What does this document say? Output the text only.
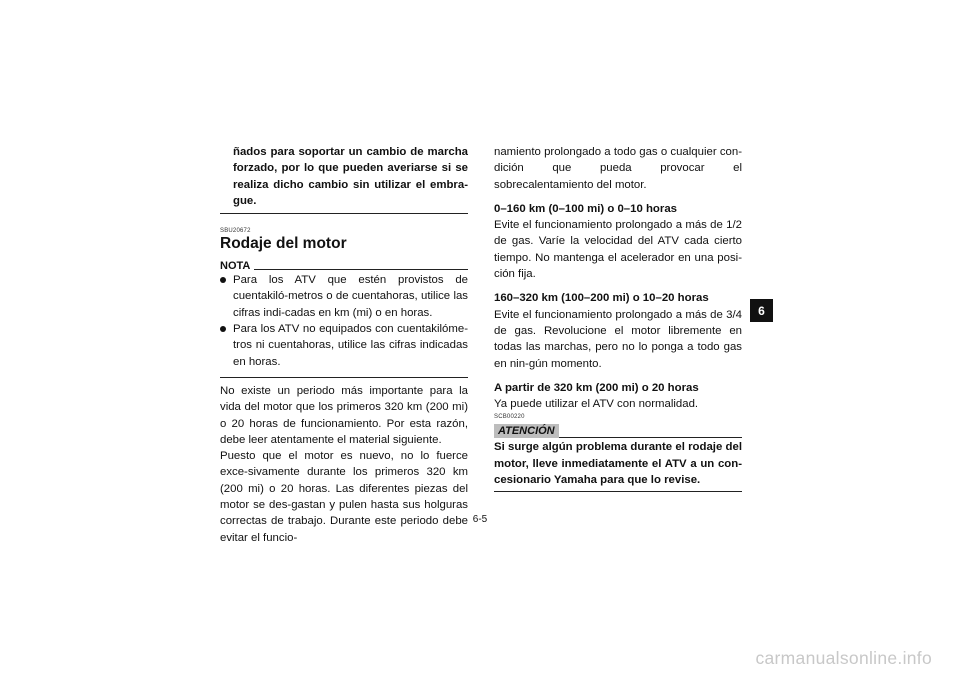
ñados para soportar un cambio de marcha forzado, por lo que pueden averiarse si se realiza dicho cambio sin utilizar el embra-gue.
SBU20672
Rodaje del motor
NOTA
Para los ATV que estén provistos de cuentakiló-metros o de cuentahoras, utilice las cifras indi-cadas en km (mi) o en horas.
Para los ATV no equipados con cuentakilóme-tros ni cuentahoras, utilice las cifras indicadas en horas.
No existe un periodo más importante para la vida del motor que los primeros 320 km (200 mi) o 20 horas de funcionamiento. Por esta razón, debe leer atentamente el material siguiente.
Puesto que el motor es nuevo, no lo fuerce exce-sivamente durante los primeros 320 km (200 mi) o 20 horas. Las diferentes piezas del motor se des-gastan y pulen hasta sus holguras correctas de trabajo. Durante este periodo debe evitar el funcio-
namiento prolongado a todo gas o cualquier con-dición que pueda provocar el sobrecalentamiento del motor.
0–160 km (0–100 mi) o 0–10 horas
Evite el funcionamiento prolongado a más de 1/2 de gas. Varíe la velocidad del ATV cada cierto tiempo. No mantenga el acelerador en una posi-ción fija.
160–320 km (100–200 mi) o 10–20 horas
Evite el funcionamiento prolongado a más de 3/4 de gas. Revolucione el motor libremente en todas las marchas, pero no lo ponga a todo gas en nin-gún momento.
A partir de 320 km (200 mi) o 20 horas
Ya puede utilizar el ATV con normalidad.
SCB00220
ATENCIÓN
Si surge algún problema durante el rodaje del motor, lleve inmediatamente el ATV a un con-cesionario Yamaha para que lo revise.
6
6-5
carmanualsonline.info
